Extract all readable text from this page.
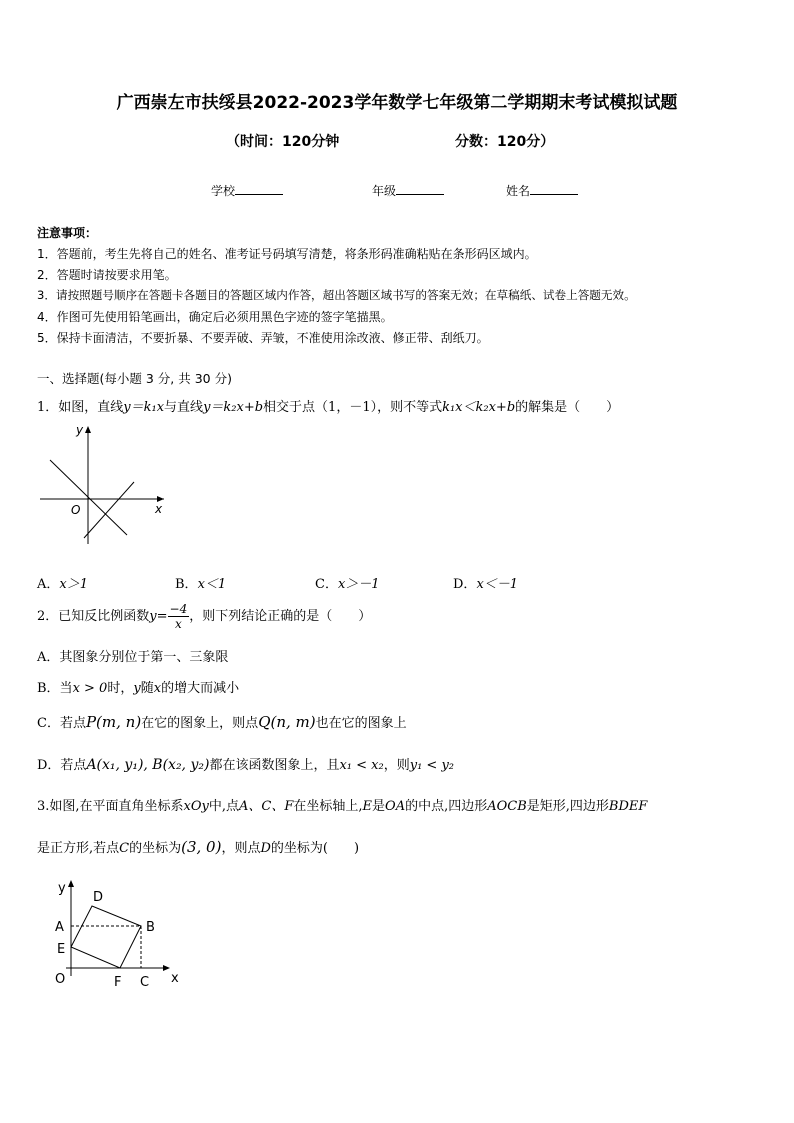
广西崇左市扶绥县2022-2023学年数学七年级第二学期期末考试模拟试题
（时间：120分钟	分数：120分）
学校	年级	姓名
注意事项：
1．答题前，考生先将自己的姓名、准考证号码填写清楚，将条形码准确粘贴在条形码区域内。
2．答题时请按要求用笔。
3．请按照题号顺序在答题卡各题目的答题区域内作答，超出答题区域书写的答案无效；在草稿纸、试卷上答题无效。
4．作图可先使用铅笔画出，确定后必须用黑色字迹的签字笔描黑。
5．保持卡面清洁，不要折暴、不要弄破、弄皱，不准使用涂改液、修正带、刮纸刀。
一、选择题(每小题 3 分, 共 30 分)
1．如图，直线y＝k₁x与直线y＝k₂x+b相交于点（1，－1），则不等式k₁x＜k₂x+b的解集是（　　）
y
x
O
A．x＞1	B．x＜1	C．x＞－1	D．x＜－1
2．已知反比例函数$y= \frac{-4}{x}$ ，则下列结论正确的是（　　）
A．其图象分别位于第一、三象限
B．当x > 0时，y随x的增大而减小
C．若点P(m, n)在它的图象上，则点Q(n, m)也在它的图象上
D．若点A(x₁, y₁), B(x₂, y₂)都在该函数图象上，且x₁ < x₂，则y₁ < y₂
3.如图,在平面直角坐标系xOy中,点A、C、F在坐标轴上,E是OA的中点,四边形AOCB是矩形,四边形BDEF
是正方形,若点C的坐标为(3, 0)，则点D的坐标为(　　)
y
x
O
A	B
C
D
E
F
